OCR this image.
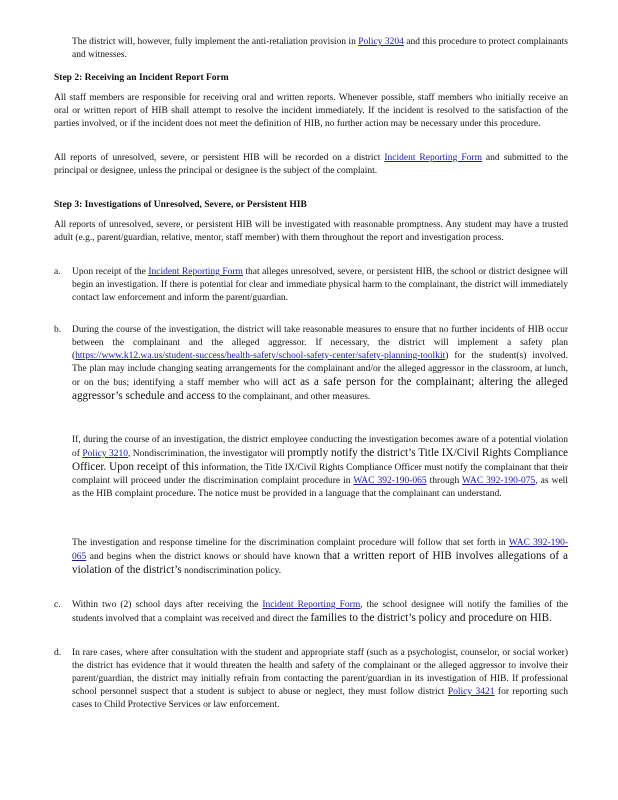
The district will, however, fully implement the anti-retaliation provision in Policy 3204 and this procedure to protect complainants and witnesses.
Step 2: Receiving an Incident Report Form
All staff members are responsible for receiving oral and written reports. Whenever possible, staff members who initially receive an oral or written report of HIB shall attempt to resolve the incident immediately. If the incident is resolved to the satisfaction of the parties involved, or if the incident does not meet the definition of HIB, no further action may be necessary under this procedure.
All reports of unresolved, severe, or persistent HIB will be recorded on a district Incident Reporting Form and submitted to the principal or designee, unless the principal or designee is the subject of the complaint.
Step 3: Investigations of Unresolved, Severe, or Persistent HIB
All reports of unresolved, severe, or persistent HIB will be investigated with reasonable promptness. Any student may have a trusted adult (e.g., parent/guardian, relative, mentor, staff member) with them throughout the report and investigation process.
a. Upon receipt of the Incident Reporting Form that alleges unresolved, severe, or persistent HIB, the school or district designee will begin an investigation. If there is potential for clear and immediate physical harm to the complainant, the district will immediately contact law enforcement and inform the parent/guardian.
b. During the course of the investigation, the district will take reasonable measures to ensure that no further incidents of HIB occur between the complainant and the alleged aggressor. If necessary, the district will implement a safety plan (https://www.k12.wa.us/student-success/health-safety/school-safety-center/safety-planning-toolkit) for the student(s) involved. The plan may include changing seating arrangements for the complainant and/or the alleged aggressor in the classroom, at lunch, or on the bus; identifying a staff member who will act as a safe person for the complainant; altering the alleged aggressor’s schedule and access to the complainant, and other measures.
If, during the course of an investigation, the district employee conducting the investigation becomes aware of a potential violation of Policy 3210, Nondiscrimination, the investigator will promptly notify the district’s Title IX/Civil Rights Compliance Officer. Upon receipt of this information, the Title IX/Civil Rights Compliance Officer must notify the complainant that their complaint will proceed under the discrimination complaint procedure in WAC 392-190-065 through WAC 392-190-075, as well as the HIB complaint procedure. The notice must be provided in a language that the complainant can understand.
The investigation and response timeline for the discrimination complaint procedure will follow that set forth in WAC 392-190-065 and begins when the district knows or should have known that a written report of HIB involves allegations of a violation of the district’s nondiscrimination policy.
c. Within two (2) school days after receiving the Incident Reporting Form, the school designee will notify the families of the students involved that a complaint was received and direct the families to the district’s policy and procedure on HIB.
d. In rare cases, where after consultation with the student and appropriate staff (such as a psychologist, counselor, or social worker) the district has evidence that it would threaten the health and safety of the complainant or the alleged aggressor to involve their parent/guardian, the district may initially refrain from contacting the parent/guardian in its investigation of HIB. If professional school personnel suspect that a student is subject to abuse or neglect, they must follow district Policy 3421 for reporting such cases to Child Protective Services or law enforcement.
